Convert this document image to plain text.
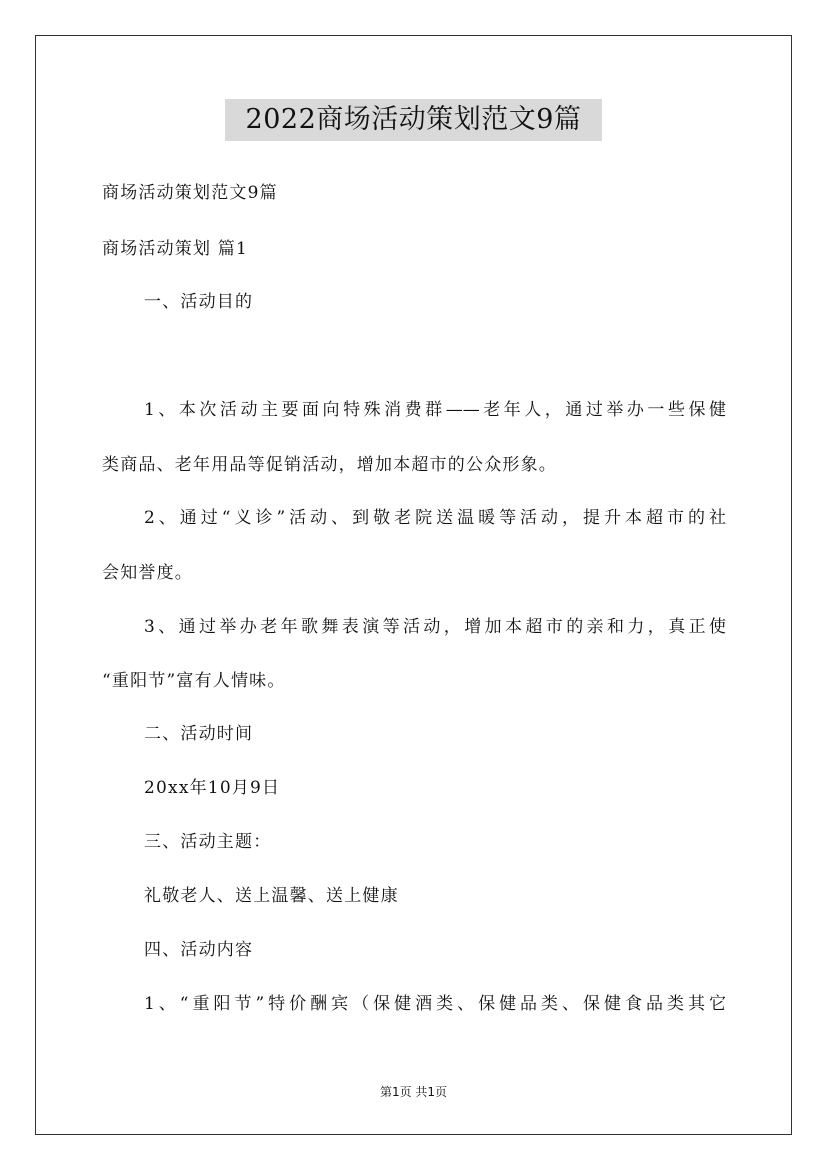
2022商场活动策划范文9篇
商场活动策划范文9篇
商场活动策划 篇1
一、活动目的
1、本次活动主要面向特殊消费群——老年人，通过举办一些保健
类商品、老年用品等促销活动，增加本超市的公众形象。
2、通过“义诊”活动、到敬老院送温暖等活动，提升本超市的社
会知誉度。
3、通过举办老年歌舞表演等活动，增加本超市的亲和力，真正使
“重阳节”富有人情味。
二、活动时间
20xx年10月9日
三、活动主题：
礼敬老人、送上温馨、送上健康
四、活动内容
1、“重阳节”特价酬宾（保健酒类、保健品类、保健食品类其它
第1页 共1页
